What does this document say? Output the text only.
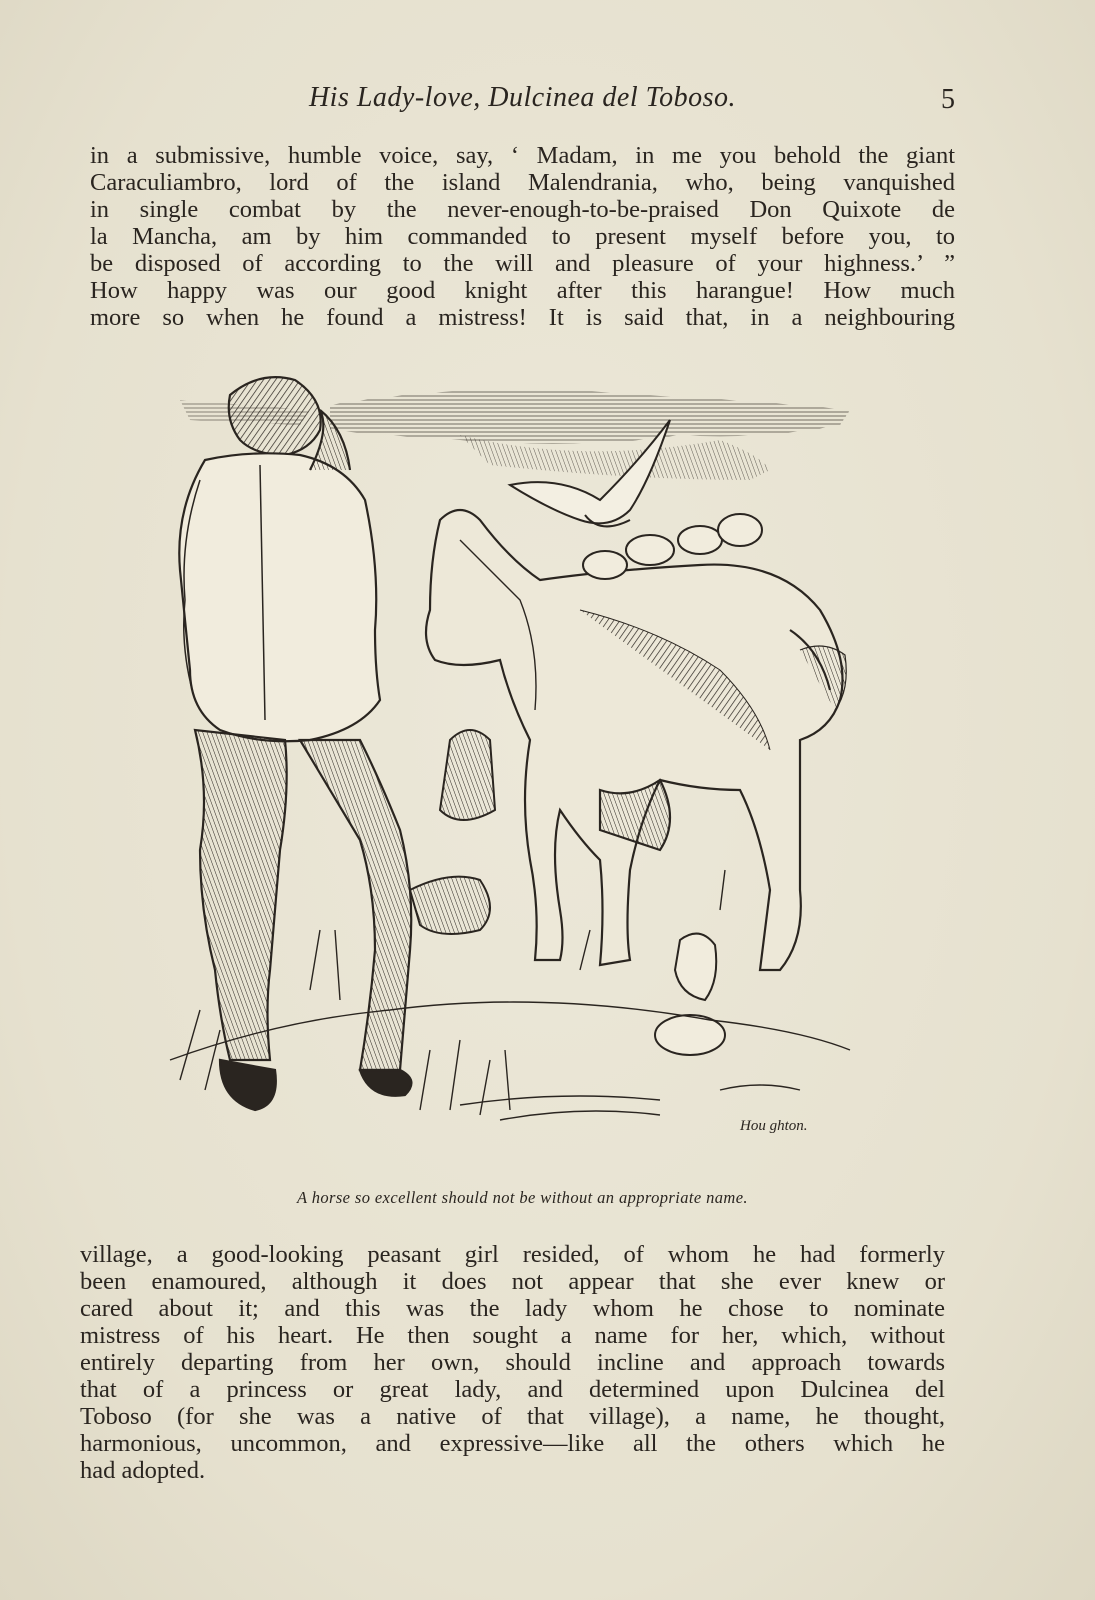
His Lady-love, Dulcinea del Toboso.	5
in a submissive, humble voice, say, ‘ Madam, in me you behold the giant
Caraculiambro, lord of the island Malendrania, who, being vanquished
in single combat by the never-enough-to-be-praised Don Quixote de
la Mancha, am by him commanded to present myself before you, to
be disposed of according to the will and pleasure of your highness.’ ”
How happy was our good knight after this harangue! How much
more so when he found a mistress! It is said that, in a neighbouring
Hou ghton.
A horse so excellent should not be without an appropriate name.
village, a good-looking peasant girl resided, of whom he had formerly
been enamoured, although it does not appear that she ever knew or
cared about it; and this was the lady whom he chose to nominate
mistress of his heart. He then sought a name for her, which, without
entirely departing from her own, should incline and approach towards
that of a princess or great lady, and determined upon Dulcinea del
Toboso (for she was a native of that village), a name, he thought,
harmonious, uncommon, and expressive—like all the others which he
had adopted.
